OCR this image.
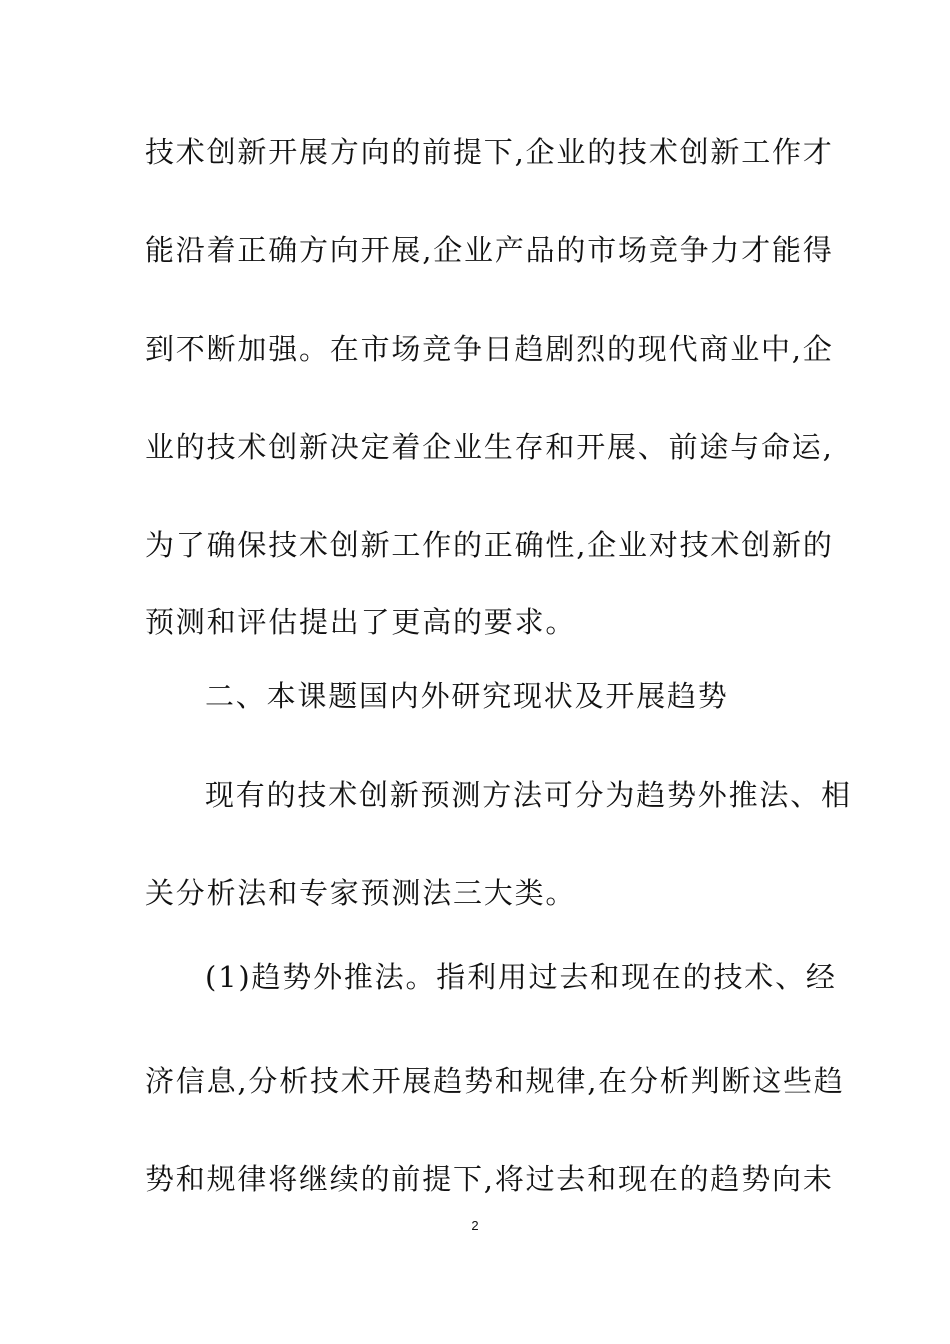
技术创新开展方向的前提下,企业的技术创新工作才
能沿着正确方向开展,企业产品的市场竞争力才能得
到不断加强。在市场竞争日趋剧烈的现代商业中,企
业的技术创新决定着企业生存和开展、前途与命运,
为了确保技术创新工作的正确性,企业对技术创新的
预测和评估提出了更高的要求。
二、本课题国内外研究现状及开展趋势
现有的技术创新预测方法可分为趋势外推法、相
关分析法和专家预测法三大类。
(1)趋势外推法。指利用过去和现在的技术、经
济信息,分析技术开展趋势和规律,在分析判断这些趋
势和规律将继续的前提下,将过去和现在的趋势向未
2
